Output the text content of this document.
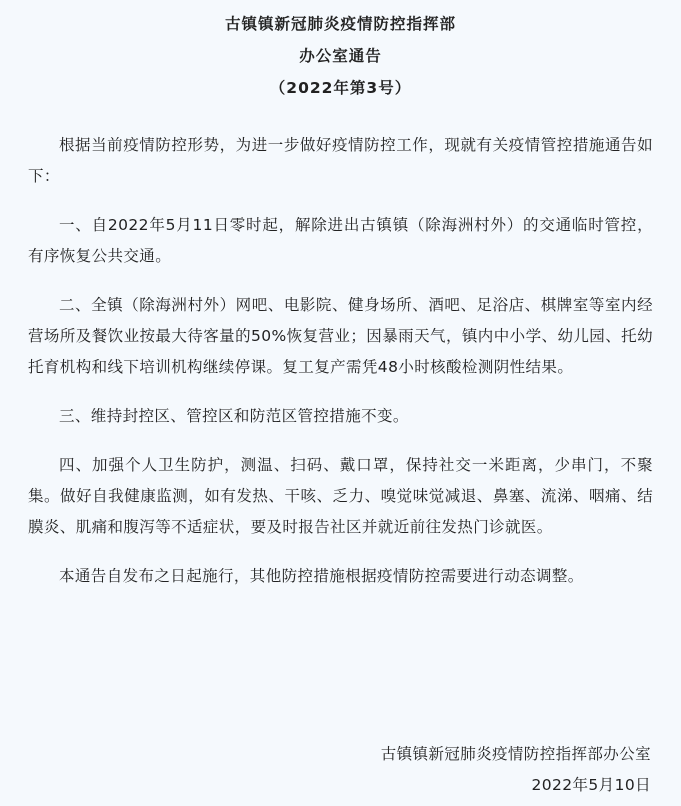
古镇镇新冠肺炎疫情防控指挥部
办公室通告
（2022年第3号）

根据当前疫情防控形势，为进一步做好疫情防控工作，现就有关疫情管控措施通告如下：

一、自2022年5月11日零时起，解除进出古镇镇（除海洲村外）的交通临时管控，有序恢复公共交通。

二、全镇（除海洲村外）网吧、电影院、健身场所、酒吧、足浴店、棋牌室等室内经营场所及餐饮业按最大待客量的50%恢复营业；因暴雨天气，镇内中小学、幼儿园、托幼托育机构和线下培训机构继续停课。复工复产需凭48小时核酸检测阴性结果。

三、维持封控区、管控区和防范区管控措施不变。

四、加强个人卫生防护，测温、扫码、戴口罩，保持社交一米距离，少串门，不聚集。做好自我健康监测，如有发热、干咳、乏力、嗅觉味觉减退、鼻塞、流涕、咽痛、结膜炎、肌痛和腹泻等不适症状，要及时报告社区并就近前往发热门诊就医。

本通告自发布之日起施行，其他防控措施根据疫情防控需要进行动态调整。

古镇镇新冠肺炎疫情防控指挥部办公室
2022年5月10日
